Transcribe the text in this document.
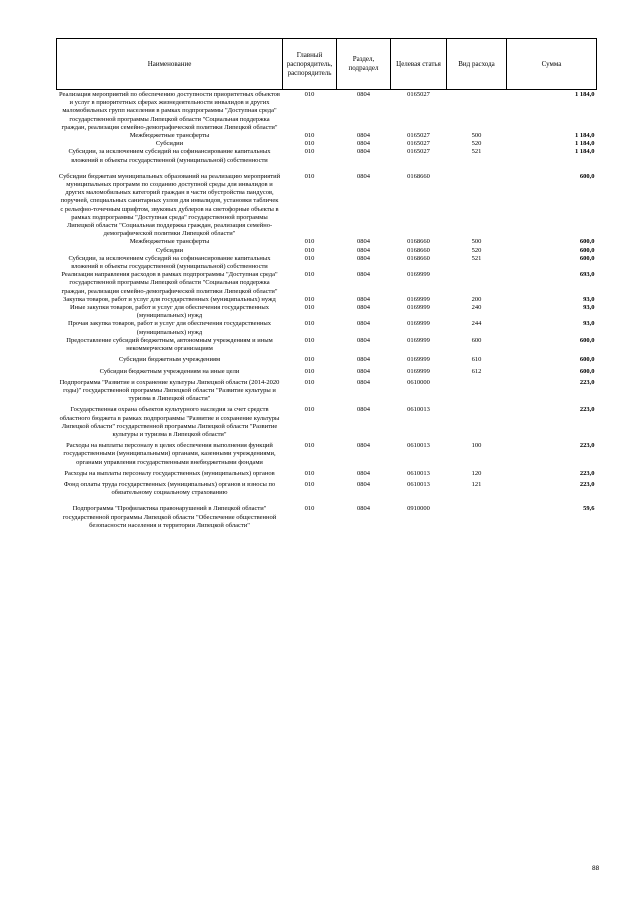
Наименование	Главный распорядитель, распорядитель	Раздел, подраздел	Целевая статья	Вид расхода	Сумма
Реализация мероприятий по обеспечению доступности приоритетных объектов и услуг в приоритетных сферах жизнедеятельности инвалидов и других маломобильных групп населения в рамках подпрограммы "Доступная среда" государственной программы Липецкой области "Социальная поддержка граждан, реализация семейно-демографической политики Липецкой области"	010	0804	0165027		1 184,0
Межбюджетные трансферты	010	0804	0165027	500	1 184,0
Субсидии	010	0804	0165027	520	1 184,0
Субсидии, за исключением субсидий на софинансирование капитальных вложений в объекты государственной (муниципальной) собственности	010	0804	0165027	521	1 184,0
Субсидии бюджетам муниципальных образований на реализацию мероприятий муниципальных программ по созданию доступной среды для инвалидов и других маломобильных категорий граждан в части обустройства пандусов, поручней, специальных санитарных узлов для инвалидов, установки табличек с рельефно-точечным шрифтом, звуковых дублеров на светофорные объекты в рамках подпрограммы "Доступная среда" государственной программы Липецкой области "Социальная поддержка граждан, реализация семейно-демографической политики Липецкой области"	010	0804	0168660		600,0
Межбюджетные трансферты	010	0804	0168660	500	600,0
Субсидии	010	0804	0168660	520	600,0
Субсидии, за исключением субсидий на софинансирование капитальных вложений в объекты государственной (муниципальной) собственности	010	0804	0168660	521	600,0
Реализация направления расходов в рамках подпрограммы "Доступная среда" государственной программы Липецкой области "Социальная поддержка граждан, реализация семейно-демографической политики Липецкой области"	010	0804	0169999		693,0
Закупка товаров, работ и услуг для государственных (муниципальных) нужд	010	0804	0169999	200	93,0
Иные закупки товаров, работ и услуг для обеспечения государственных (муниципальных) нужд	010	0804	0169999	240	93,0
Прочая закупка товаров, работ и услуг для обеспечения государственных (муниципальных) нужд	010	0804	0169999	244	93,0
Предоставление субсидий бюджетным, автономным учреждениям и иным некоммерческим организациям	010	0804	0169999	600	600,0
Субсидии бюджетным учреждениям	010	0804	0169999	610	600,0
Субсидии бюджетным учреждениям на иные цели	010	0804	0169999	612	600,0
Подпрограмма "Развитие и сохранение культуры Липецкой области (2014-2020 годы)" государственной программы Липецкой области "Развитие культуры и туризма в Липецкой области"	010	0804	0610000		223,0
Государственная охрана объектов культурного наследия за счет средств областного бюджета в рамках подпрограммы "Развитие и сохранение культуры Липецкой области" государственной программы Липецкой области "Развитие культуры и туризма в Липецкой области"	010	0804	0610013		223,0
Расходы на выплаты персоналу в целях обеспечения выполнения функций государственными (муниципальными) органами, казенными учреждениями, органами управления государственными внебюджетными фондами	010	0804	0610013	100	223,0
Расходы на выплаты персоналу государственных (муниципальных) органов	010	0804	0610013	120	223,0
Фонд оплаты труда государственных (муниципальных) органов и взносы по обязательному социальному страхованию	010	0804	0610013	121	223,0
Подпрограмма "Профилактика правонарушений в Липецкой области" государственной программы Липецкой области "Обеспечение общественной безопасности населения и территории Липецкой области"	010	0804	0910000		59,6
88
